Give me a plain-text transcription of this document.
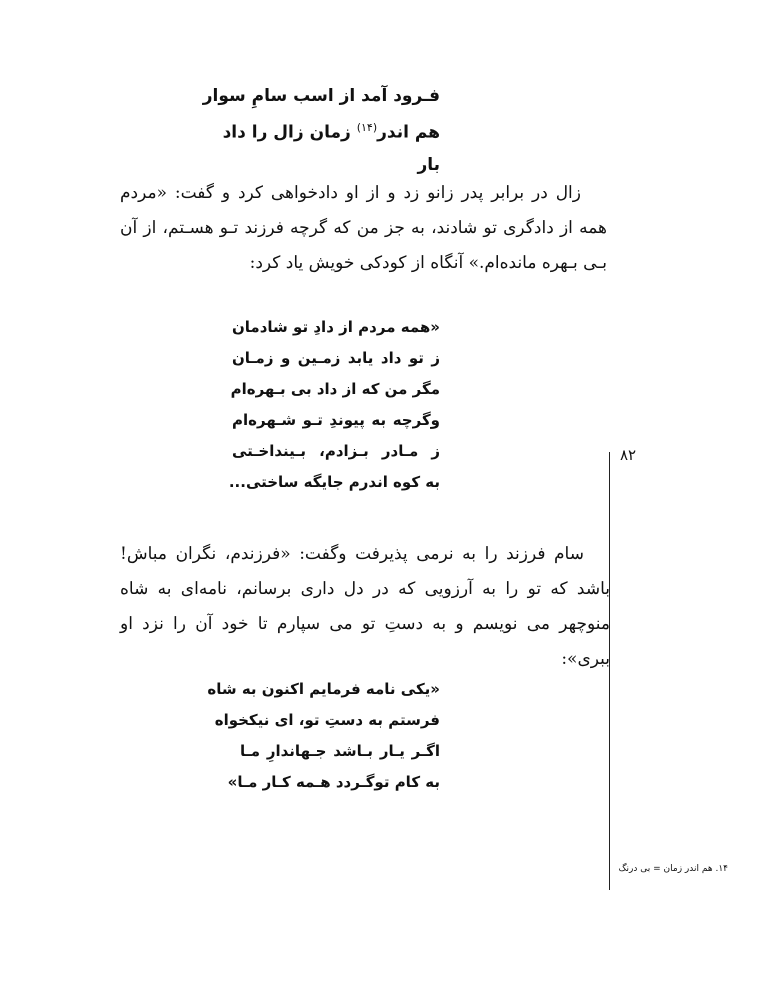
فـرود آمد از اسب سامِ سوار
هم اندر$^{(۱۴)}$ زمان زال را داد بار

زال در برابر پدر زانو زد و از او دادخواهی کرد و گفت: «مردم همه از دادگری تو شادند، به جز من که گرچه فرزند تـو هسـتم، از آن بـی بـهره مانده‌ام.» آنگاه از کودکی خویش یاد کرد:

«همه مردم از دادِ تو شادمان
ز تو داد یابد زمـین و زمـان
مگر من که از داد بی بـهره‌ام
وگرچه به پیوندِ تـو شـهره‌ام
ز مـادر بـزادم، بـینداخـتی
به کوه اندرم جایگه ساختی...

سام فرزند را به نرمی پذیرفت وگفت: «فرزندم، نگران مباش! باشد که تو را به آرزویی که در دل داری برسانم، نامه‌ای به شاه منوچهر می نویسم و به دستِ تو می سپارم تا خود آن را نزد او ببری»:

«یکی نامه فرمایم اکنون به شاه
فرستم به دستِ تو، ای نیکخواه
اگـر یـار بـاشد جـهاندارِ مـا
به کام توگـردد هـمه کـار مـا»
۸۲
۱۴. هم اندر زمان = بی درنگ
